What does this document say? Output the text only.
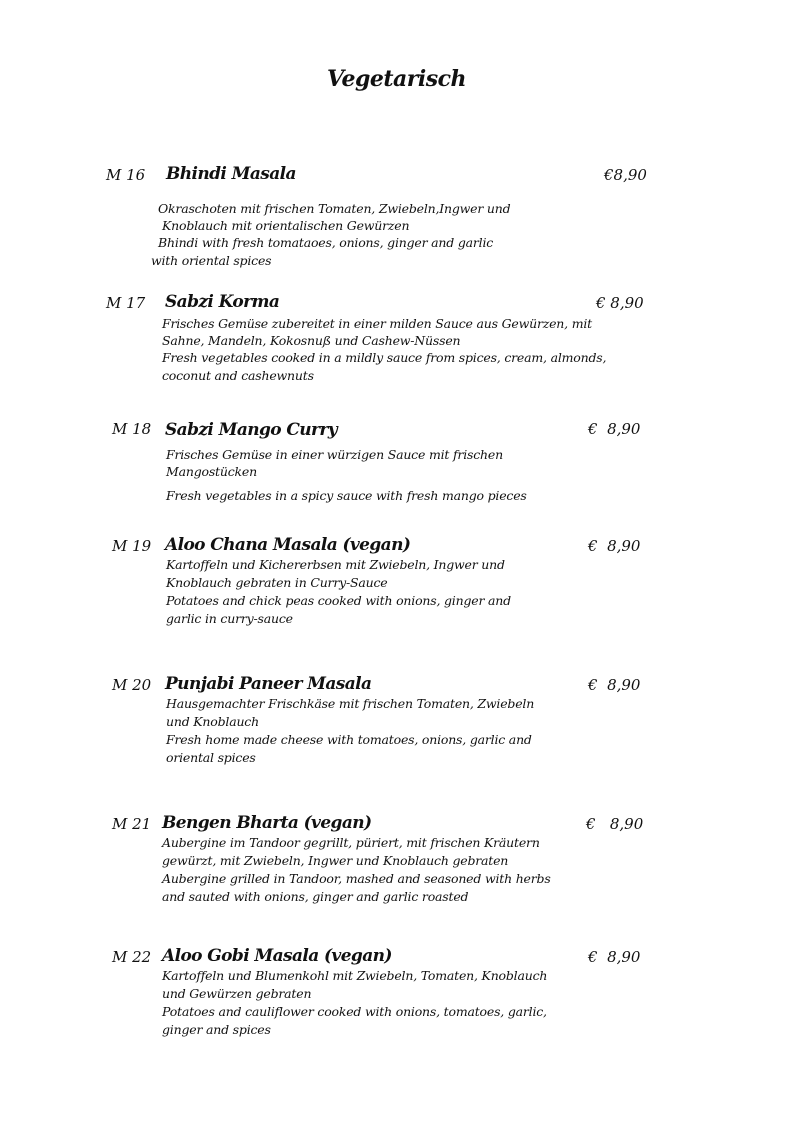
Vegetarisch
M 16 Bhindi Masala	€8,90
Okraschoten mit frischen Tomaten, Zwiebeln,Ingwer und
Knoblauch mit orientalischen Gewürzen
Bhindi with fresh tomataoes, onions, ginger and garlic
with oriental spices
M 17 Sabzi Korma	€ 8,90
Frisches Gemüse zubereitet in einer milden Sauce aus Gewürzen, mit
Sahne, Mandeln, Kokosnuß und Cashew-Nüssen
Fresh vegetables cooked in a mildly sauce from spices, cream, almonds,
coconut and cashewnuts
M 18 Sabzi Mango Curry	€  8,90
Frisches Gemüse in einer würzigen Sauce mit frischen
Mangostücken
Fresh vegetables in a spicy sauce with fresh mango pieces
M 19 Aloo Chana Masala (vegan)	€  8,90
Kartoffeln und Kichererbsen mit Zwiebeln, Ingwer und
Knoblauch gebraten in Curry-Sauce
Potatoes and chick peas cooked with onions, ginger and
garlic in curry-sauce
M 20 Punjabi Paneer Masala	€  8,90
Hausgemachter Frischkäse mit frischen Tomaten, Zwiebeln
und Knoblauch
Fresh home made cheese with tomatoes, onions, garlic and
oriental spices
M 21 Bengen Bharta (vegan)	€   8,90
Aubergine im Tandoor gegrillt, püriert, mit frischen Kräutern
gewürzt, mit Zwiebeln, Ingwer und Knoblauch gebraten
Aubergine grilled in Tandoor, mashed and seasoned with herbs
and sauted with onions, ginger and garlic roasted
M 22 Aloo Gobi Masala (vegan)	€  8,90
Kartoffeln und Blumenkohl mit Zwiebeln, Tomaten, Knoblauch
und Gewürzen gebraten
Potatoes and cauliflower cooked with onions, tomatoes, garlic,
ginger and spices
